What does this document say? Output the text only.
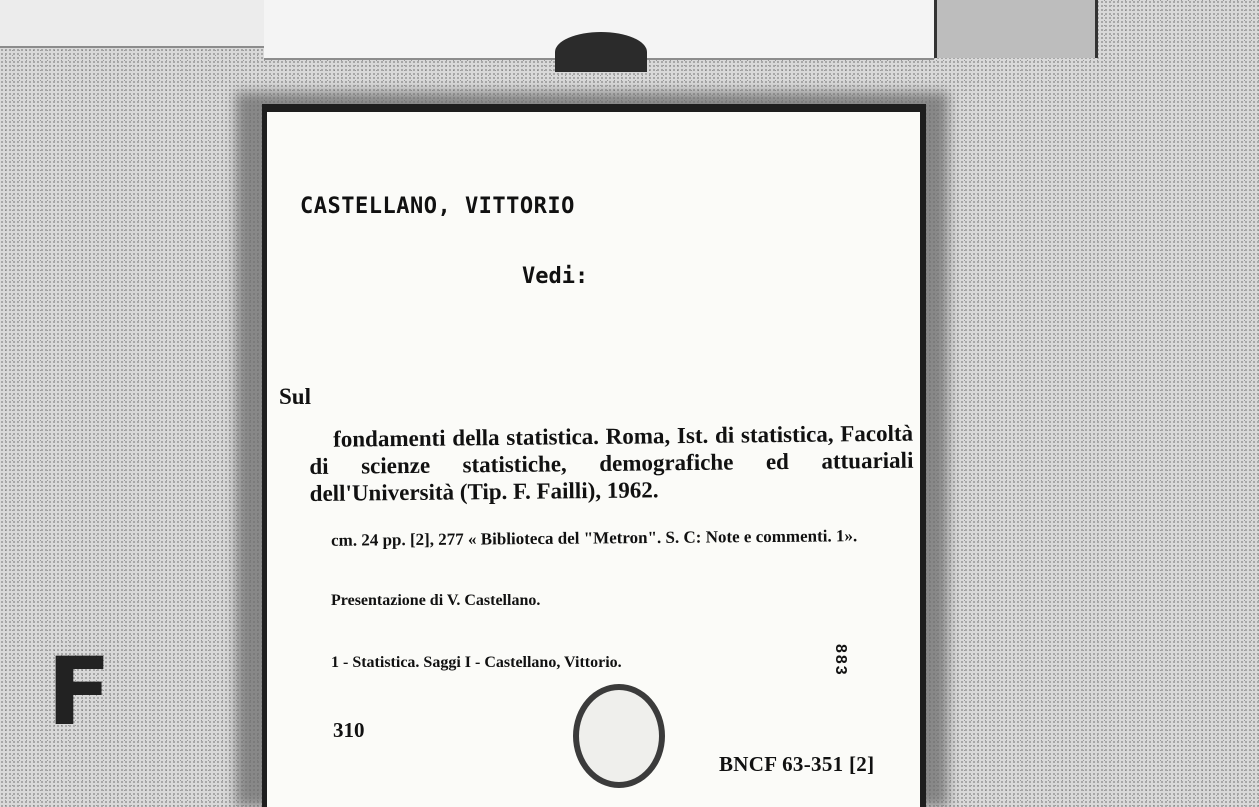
F
CASTELLANO, VITTORIO
Vedi:
Sul
fondamenti della statistica. Roma, Ist. di statistica, Facoltà di scienze statistiche, demografiche ed attuariali dell'Università (Tip. F. Failli), 1962.
cm. 24 pp. [2], 277 « Biblioteca del "Metron". S. C: Note e commenti. 1».
Presentazione di V. Castellano.
1 - Statistica. Saggi I - Castellano, Vittorio.	883
310
BNCF 63-351 [2]
